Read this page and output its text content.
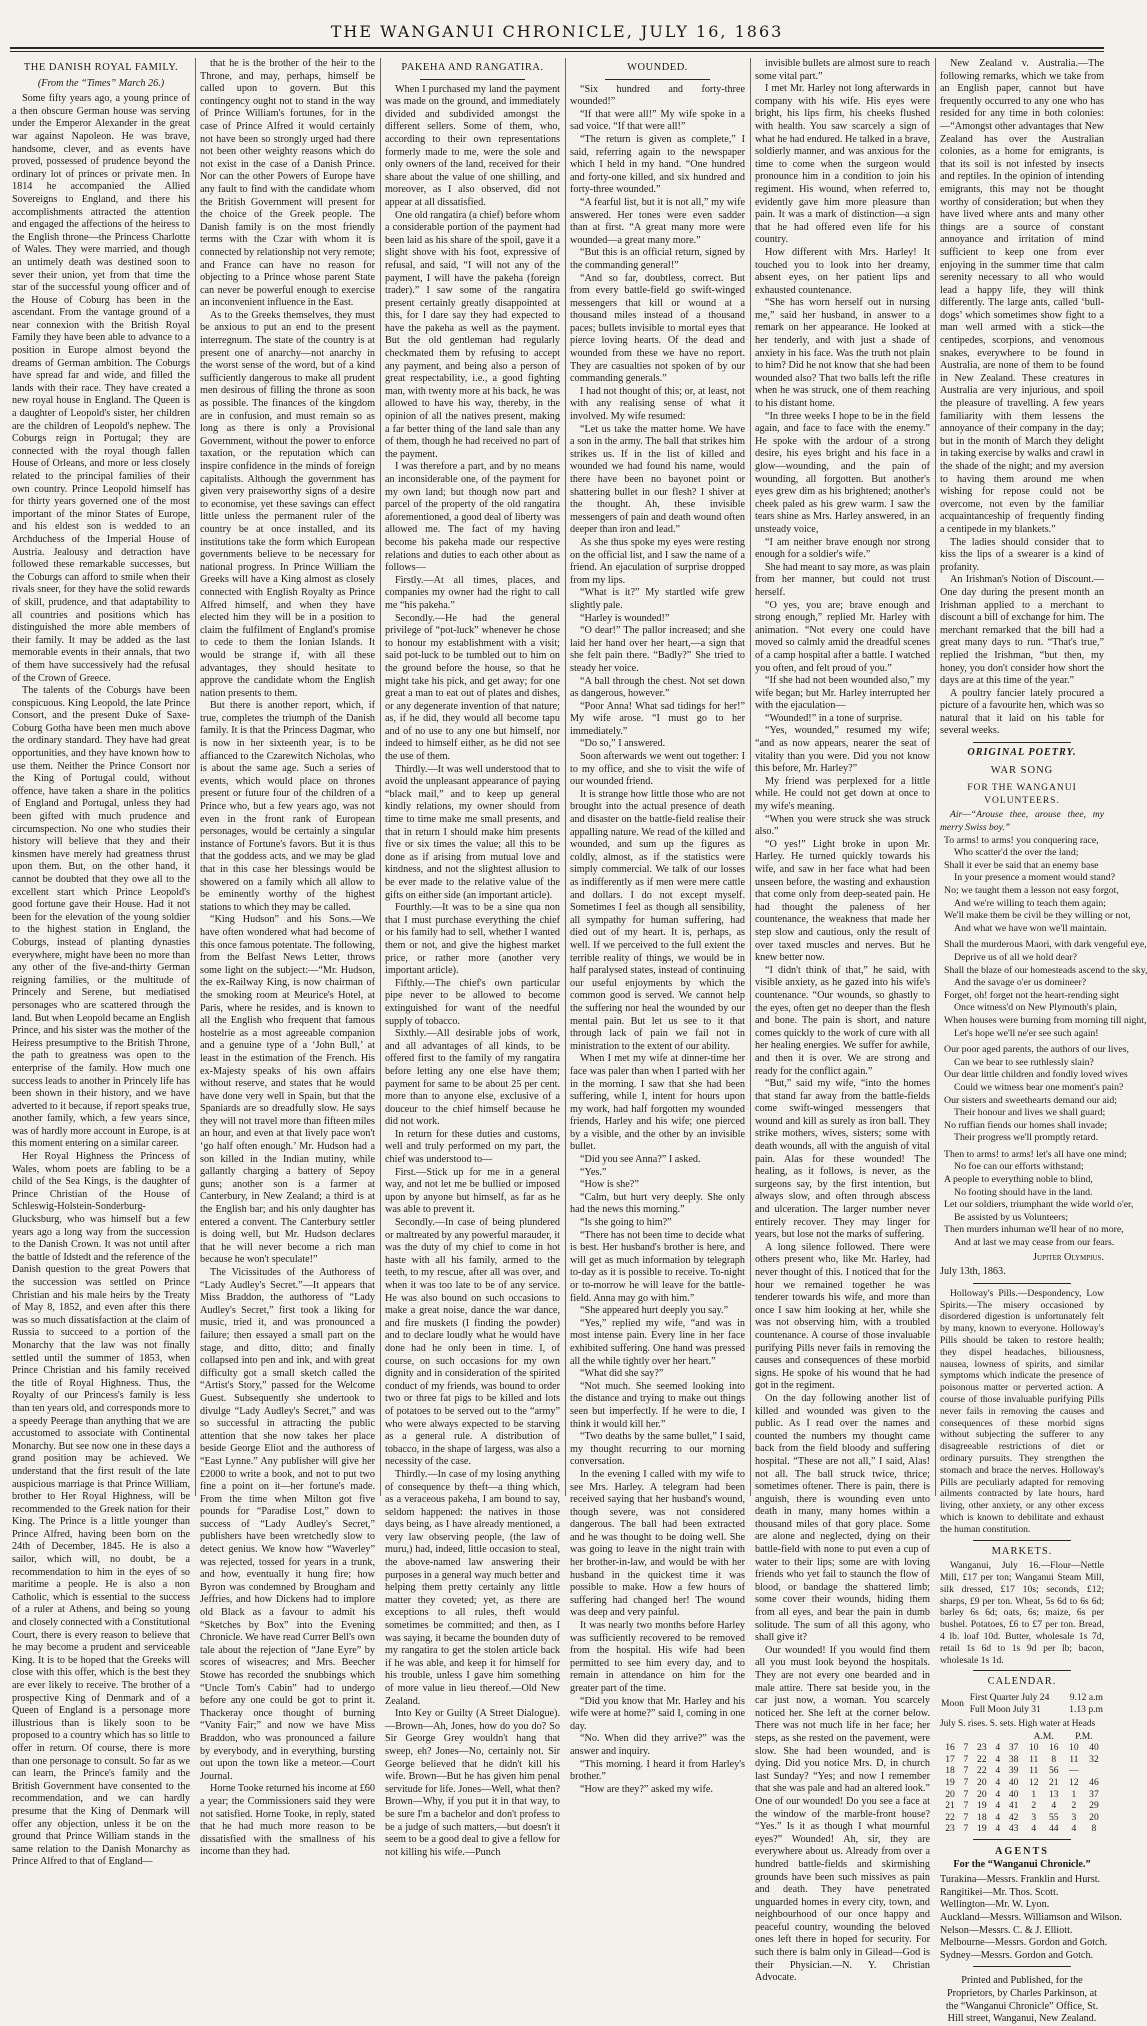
THE WANGANUI CHRONICLE, JULY 16, 1863
THE DANISH ROYAL FAMILY.
(From the “Times” March 26.)

Some fifty years ago, a young prince of a then obscure German house was serving under the Emperor Alexander in the great war against Napoleon. He was brave, handsome, clever, and as events have proved, possessed of prudence beyond the ordinary lot of princes or private men. In 1814 he accompanied the Allied Sovereigns to England, and there his accomplishments attracted the attention and engaged the affections of the heiress to the English throne—the Princess Charlotte of Wales. They were married, and though an untimely death was destined soon to sever their union, yet from that time the star of the successful young officer and of the House of Coburg has been in the ascendant. From the vantage ground of a near connexion with the British Royal Family they have been able to advance to a position in Europe almost beyond the dreams of German ambition. The Coburgs have spread far and wide, and filled the lands with their race. They have created a new royal house in England. The Queen is a daughter of Leopold's sister, her children are the children of Leopold's nephew. The Coburgs reign in Portugal; they are connected with the royal though fallen House of Orleans, and more or less closely related to the principal families of their own country. Prince Leopold himself has for thirty years governed one of the most important of the minor States of Europe, and his eldest son is wedded to an Archduchess of the Imperial House of Austria. Jealousy and detraction have followed these remarkable successes, but the Coburgs can afford to smile when their rivals sneer, for they have the solid rewards of skill, prudence, and that adaptability to all countries and positions which has distinguished the more able members of their family. It may be added as the last memorable events in their annals, that two of them have successively had the refusal of the Crown of Greece.

The talents of the Coburgs have been conspicuous. King Leopold, the late Prince Consort, and the present Duke of Saxe-Coburg Gotha have been men much above the ordinary standard. They have had great opportunities, and they have known how to use them. Neither the Prince Consort nor the King of Portugal could, without offence, have taken a share in the politics of England and Portugal, unless they had been gifted with much prudence and circumspection. No one who studies their history will believe that they and their kinsmen have merely had greatness thrust upon them. But, on the other hand, it cannot be doubted that they owe all to the excellent start which Prince Leopold's good fortune gave their House. Had it not been for the elevation of the young soldier to the highest station in England, the Coburgs, instead of planting dynasties everywhere, might have been no more than any other of the five-and-thirty German reigning families, or the multitude of Princely and Serene, but mediatised personages who are scattered through the land. But when Leopold became an English Prince, and his sister was the mother of the Heiress presumptive to the British Throne, the path to greatness was open to the enterprise of the family. How much one success leads to another in Princely life has been shown in their history, and we have adverted to it because, if report speaks true, another family, which, a few years since, was of hardly more account in Europe, is at this moment entering on a similar career.

Her Royal Highness the Princess of Wales, whom poets are fabling to be a child of the Sea Kings, is the daughter of Prince Christian of the House of Schleswig-Holstein-Sonderburg-Glucksburg, who was himself but a few years ago a long way from the succession to the Danish Crown. It was not until after the battle of Idstedt and the reference of the Danish question to the great Powers that the succession was settled on Prince Christian and his male heirs by the Treaty of May 8, 1852, and even after this there was so much dissatisfaction at the claim of Russia to succeed to a portion of the Monarchy that the law was not finally settled until the summer of 1853, when Prince Christian and his family received the title of Royal Highness. Thus, the Royalty of our Princess's family is less than ten years old, and corresponds more to a speedy Peerage than anything that we are accustomed to associate with Continental Monarchy. But see now one in these days a grand position may be achieved. We understand that the first result of the late auspicious marriage is that Prince William, brother to Her Royal Highness, will be recommended to the Greek nation for their King. The Prince is a little younger than Prince Alfred, having been born on the 24th of December, 1845. He is also a sailor, which will, no doubt, be a recommendation to him in the eyes of so maritime a people. He is also a non Catholic, which is essential to the success of a ruler at Athens, and being so young and closely connected with a Constitutional Court, there is every reason to believe that he may become a prudent and serviceable King. It is to be hoped that the Greeks will close with this offer, which is the best they are ever likely to receive. The brother of a prospective King of Denmark and of a Queen of England is a personage more illustrious than is likely soon to be proposed to a country which has so little to offer in return. Of course, there is more than one personage to consult. So far as we can learn, the Prince's family and the British Government have consented to the recommendation, and we can hardly presume that the King of Denmark will offer any objection, unless it be on the ground that Prince William stands in the same relation to the Danish Monarchy as Prince Alfred to that of England—

that he is the brother of the heir to the Throne, and may, perhaps, himself be called upon to govern. But this contingency ought not to stand in the way of Prince William's fortunes, for in the case of Prince Alfred it would certainly not have been so strongly urged had there not been other weighty reasons which do not exist in the case of a Danish Prince. Nor can the other Powers of Europe have any fault to find with the candidate whom the British Government will present for the choice of the Greek people. The Danish family is on the most friendly terms with the Czar with whom it is connected by relationship not very remote; and France can have no reason for objecting to a Prince whose parent State can never be powerful enough to exercise an inconvenient influence in the East.

As to the Greeks themselves, they must be anxious to put an end to the present interregnum. The state of the country is at present one of anarchy—not anarchy in the worst sense of the word, but of a kind sufficiently dangerous to make all prudent men desirous of filling the throne as soon as possible. The finances of the kingdom are in confusion, and must remain so as long as there is only a Provisional Government, without the power to enforce taxation, or the reputation which can inspire confidence in the minds of foreign capitalists. Although the government has given very praiseworthy signs of a desire to economise, yet these savings can effect little unless the permanent ruler of the country be at once installed, and its institutions take the form which European governments believe to be necessary for national progress. In Prince William the Greeks will have a King almost as closely connected with English Royalty as Prince Alfred himself, and when they have elected him they will be in a position to claim the fulfilment of England's promise to cede to them the Ionian Islands. It would be strange if, with all these advantages, they should hesitate to approve the candidate whom the English nation presents to them.

But there is another report, which, if true, completes the triumph of the Danish family. It is that the Princess Dagmar, who is now in her sixteenth year, is to be affianced to the Czarewitch Nicholas, who is about the same age. Such a series of events, which would place on thrones present or future four of the children of a Prince who, but a few years ago, was not even in the front rank of European personages, would be certainly a singular instance of Fortune's favors. But it is thus that the goddess acts, and we may be glad that in this case her blessings would be showered on a family which all allow to be eminently worthy of the highest stations to which they may be called.

“King Hudson” and his Sons.—We have often wondered what had become of this once famous potentate. The following, from the Belfast News Letter, throws some light on the subject:—“Mr. Hudson, the ex-Railway King, is now chairman of the smoking room at Meurice's Hotel, at Paris, where he resides, and is known to all the English who frequent that famous hostelrie as a most agreeable companion and a genuine type of a ‘John Bull,’ at least in the estimation of the French. His ex-Majesty speaks of his own affairs without reserve, and states that he would have done very well in Spain, but that the Spaniards are so dreadfully slow. He says they will not travel more than fifteen miles an hour, and even at that lively pace won't ‘go half often enough.’ Mr. Hudson had a son killed in the Indian mutiny, while gallantly charging a battery of Sepoy guns; another son is a farmer at Canterbury, in New Zealand; a third is at the English bar; and his only daughter has entered a convent. The Canterbury settler is doing well, but Mr. Hudson declares that he will never become a rich man because he won't speculate!”

The Vicissitudes of the Authoress of “Lady Audley's Secret.”—It appears that Miss Braddon, the authoress of “Lady Audley's Secret,” first took a liking for music, tried it, and was pronounced a failure; then essayed a small part on the stage, and ditto, ditto; and finally collapsed into pen and ink, and with great difficulty got a small sketch called the “Artist's Story,” passed for the Welcome Guest. Subsequently she undertook to divulge “Lady Audley's Secret,” and was so successful in attracting the public attention that she now takes her place beside George Eliot and the authoress of “East Lynne.” Any publisher will give her £2000 to write a book, and not to put two fine a point on it—her fortune's made. From the time when Milton got five pounds for “Paradise Lost,” down to success of “Lady Audley's Secret,” publishers have been wretchedly slow to detect genius. We know how “Waverley” was rejected, tossed for years in a trunk, and how, eventually it hung fire; how Byron was condemned by Brougham and Jeffries, and how Dickens had to implore old Black as a favour to admit his “Sketches by Box” into the Evening Chronicle. We have read Currer Bell's own tale about the rejection of “Jane Eyre” by scores of wiseacres; and Mrs. Beecher Stowe has recorded the snubbings which “Uncle Tom's Cabin” had to undergo before any one could be got to print it. Thackeray once thought of burning “Vanity Fair;” and now we have Miss Braddon, who was pronounced a failure by everybody, and in everything, bursting out upon the town like a meteor.—Court Journal.

Horne Tooke returned his income at £60 a year; the Commissioners said they were not satisfied. Horne Tooke, in reply, stated that he had much more reason to be dissatisfied with the smallness of his income than they had.

PAKEHA AND RANGATIRA.

When I purchased my land the payment was made on the ground, and immediately divided and subdivided amongst the different sellers. Some of them, who, according to their own representations formerly made to me, were the sole and only owners of the land, received for their share about the value of one shilling, and moreover, as I also observed, did not appear at all dissatisfied.

One old rangatira (a chief) before whom a considerable portion of the payment had been laid as his share of the spoil, gave it a slight shove with his foot, expressive of refusal, and said, “I will not any of the payment, I will have the pakeha (foreign trader).” I saw some of the rangatira present certainly greatly disappointed at this, for I dare say they had expected to have the pakeha as well as the payment. But the old gentleman had regularly checkmated them by refusing to accept any payment, and being also a person of great respectability, i.e., a good fighting man, with twenty more at his back, he was allowed to have his way, thereby, in the opinion of all the natives present, making a far better thing of the land sale than any of them, though he had received no part of the payment.

I was therefore a part, and by no means an inconsiderable one, of the payment for my own land; but though now part and parcel of the property of the old rangatira aforementioned, a good deal of liberty was allowed me. The fact of my having become his pakeha made our respective relations and duties to each other about as follows—

Firstly.—At all times, places, and companies my owner had the right to call me “his pakeha.”

Secondly.—He had the general privilege of “pot-luck” whenever he chose to honour my establishment with a visit; said pot-luck to be tumbled out to him on the ground before the house, so that he might take his pick, and get away; for one great a man to eat out of plates and dishes, or any degenerate invention of that nature; as, if he did, they would all become tapu and of no use to any one but himself, nor indeed to himself either, as he did not see the use of them.

Thirdly.—It was well understood that to avoid the unpleasant appearance of paying “black mail,” and to keep up general kindly relations, my owner should from time to time make me small presents, and that in return I should make him presents five or six times the value; all this to be done as if arising from mutual love and kindness, and not the slightest allusion to be ever made to the relative value of the gifts on either side (an important article).

Fourthly.—It was to be a sine qua non that I must purchase everything the chief or his family had to sell, whether I wanted them or not, and give the highest market price, or rather more (another very important article).

Fifthly.—The chief's own particular pipe never to be allowed to become extinguished for want of the needful supply of tobacco.

Sixthly.—All desirable jobs of work, and all advantages of all kinds, to be offered first to the family of my rangatira before letting any one else have them; payment for same to be about 25 per cent. more than to anyone else, exclusive of a douceur to the chief himself because he did not work.

In return for these duties and customs, well and truly performed on my part, the chief was understood to—

First.—Stick up for me in a general way, and not let me be bullied or imposed upon by anyone but himself, as far as he was able to prevent it.

Secondly.—In case of being plundered or maltreated by any powerful marauder, it was the duty of my chief to come in hot haste with all his family, armed to the teeth, to my rescue, after all was over, and when it was too late to be of any service. He was also bound on such occasions to make a great noise, dance the war dance, and fire muskets (I finding the powder) and to declare loudly what he would have done had he only been in time. I, of course, on such occasions for my own dignity and in consideration of the spirited conduct of my friends, was bound to order two or three fat pigs to be killed and lots of potatoes to be served out to the “army” who were always expected to be starving as a general rule. A distribution of tobacco, in the shape of largess, was also a necessity of the case.

Thirdly.—In case of my losing anything of consequence by theft—a thing which, as a veraceous pakeha, I am bound to say, seldom happened: the natives in those days being, as I have already mentioned, a very law observing people, (the law of muru,) had, indeed, little occasion to steal, the above-named law answering their purposes in a general way much better and helping them pretty certainly any little matter they coveted; yet, as there are exceptions to all rules, theft would sometimes be committed; and then, as I was saying, it became the bounden duty of my rangatira to get the stolen article back if he was able, and keep it for himself for his trouble, unless I gave him something of more value in lieu thereof.—Old New Zealand.

Into Key or Guilty (A Street Dialogue).—Brown—Ah, Jones, how do you do? So Sir George Grey wouldn't hang that sweep, eh? Jones—No, certainly not. Sir George believed that he didn't kill his wife. Brown—But he has given him penal servitude for life. Jones—Well, what then? Brown—Why, if you put it in that way, to be sure I'm a bachelor and don't profess to be a judge of such matters,—but doesn't it seem to be a good deal to give a fellow for not killing his wife.—Punch

WOUNDED.

“Six hundred and forty-three wounded!”

“If that were all!” My wife spoke in a sad voice. “If that were all!”

“The return is given as complete,” I said, referring again to the newspaper which I held in my hand. “One hundred and forty-one killed, and six hundred and forty-three wounded.”

“A fearful list, but it is not all,” my wife answered. Her tones were even sadder than at first. “A great many more were wounded—a great many more.”

“But this is an official return, signed by the commanding general!”

“And so far, doubtless, correct. But from every battle-field go swift-winged messengers that kill or wound at a thousand miles instead of a thousand paces; bullets invisible to mortal eyes that pierce loving hearts. Of the dead and wounded from these we have no report. They are casualties not spoken of by our commanding generals.”

I had not thought of this; or, at least, not with any realising sense of what it involved. My wife resumed:

“Let us take the matter home. We have a son in the army. The ball that strikes him strikes us. If in the list of killed and wounded we had found his name, would there have been no bayonet point or shattering bullet in our flesh? I shiver at the thought. Ah, these invisible messengers of pain and death wound often deeper than iron and lead.”

As she thus spoke my eyes were resting on the official list, and I saw the name of a friend. An ejaculation of surprise dropped from my lips.

“What is it?” My startled wife grew slightly pale.

“Harley is wounded!”

“O dear!” The pallor increased; and she laid her hand over her heart,—a sign that she felt pain there. “Badly?” She tried to steady her voice.

“A ball through the chest. Not set down as dangerous, however.”

“Poor Anna! What sad tidings for her!” My wife arose. “I must go to her immediately.”

“Do so,” I answered.

Soon afterwards we went out together: I to my office, and she to visit the wife of our wounded friend.

It is strange how little those who are not brought into the actual presence of death and disaster on the battle-field realise their appalling nature. We read of the killed and wounded, and sum up the figures as coldly, almost, as if the statistics were simply commercial. We talk of our losses as indifferently as if men were mere cattle and dollars. I do not except myself. Sometimes I feel as though all sensibility, all sympathy for human suffering, had died out of my heart. It is, perhaps, as well. If we perceived to the full extent the terrible reality of things, we would be in half paralysed states, instead of continuing our useful enjoyments by which the common good is served. We cannot help the suffering nor heal the wounded by our mental pain. But let us see to it that through lack of pain we fail not in ministration to the extent of our ability.

When I met my wife at dinner-time her face was paler than when I parted with her in the morning. I saw that she had been suffering, while I, intent for hours upon my work, had half forgotten my wounded friends, Harley and his wife; one pierced by a visible, and the other by an invisible bullet.

“Did you see Anna?” I asked.

“Yes.”

“How is she?”

“Calm, but hurt very deeply. She only had the news this morning.”

“Is she going to him?”

“There has not been time to decide what is best. Her husband's brother is here, and will get as much information by telegraph to-day as it is possible to receive. To-night or to-morrow he will leave for the battle-field. Anna may go with him.”

“She appeared hurt deeply you say.”

“Yes,” replied my wife, “and was in most intense pain. Every line in her face exhibited suffering. One hand was pressed all the while tightly over her heart.”

“What did she say?”

“Not much. She seemed looking into the distance and trying to make out things seen but imperfectly. If he were to die, I think it would kill her.”

“Two deaths by the same bullet,” I said, my thought recurring to our morning conversation.

In the evening I called with my wife to see Mrs. Harley. A telegram had been received saying that her husband's wound, though severe, was not considered dangerous. The ball had been extracted and he was thought to be doing well. She was going to leave in the night train with her brother-in-law, and would be with her husband in the quickest time it was possible to make. How a few hours of suffering had changed her! The wound was deep and very painful.

It was nearly two months before Harley was sufficiently recovered to be removed from the hospital. His wife had been permitted to see him every day, and to remain in attendance on him for the greater part of the time.

“Did you know that Mr. Harley and his wife were at home?” said I, coming in one day.

“No. When did they arrive?” was the answer and inquiry.

“This morning. I heard it from Harley's brother.”

“How are they?” asked my wife.

invisible bullets are almost sure to reach some vital part.”

I met Mr. Harley not long afterwards in company with his wife. His eyes were bright, his lips firm, his cheeks flushed with health. You saw scarcely a sign of what he had endured. He talked in a brave, soldierly manner, and was anxious for the time to come when the surgeon would pronounce him in a condition to join his regiment. His wound, when referred to, evidently gave him more pleasure than pain. It was a mark of distinction—a sign that he had offered even life for his country.

How different with Mrs. Harley! It touched you to look into her dreamy, absent eyes, on her patient lips and exhausted countenance.

“She has worn herself out in nursing me,” said her husband, in answer to a remark on her appearance. He looked at her tenderly, and with just a shade of anxiety in his face. Was the truth not plain to him? Did he not know that she had been wounded also? That two balls left the rifle when he was struck, one of them reaching to his distant home.

“In three weeks I hope to be in the field again, and face to face with the enemy.” He spoke with the ardour of a strong desire, his eyes bright and his face in a glow—wounding, and the pain of wounding, all forgotten. But another's eyes grew dim as his brightened; another's cheek paled as his grew warm. I saw the tears shine as Mrs. Harley answered, in an unsteady voice,

“I am neither brave enough nor strong enough for a soldier's wife.”

She had meant to say more, as was plain from her manner, but could not trust herself.

“O yes, you are; brave enough and strong enough,” replied Mr. Harley with animation. “Not every one could have moved so calmly amid the dreadful scenes of a camp hospital after a battle. I watched you often, and felt proud of you.”

“If she had not been wounded also,” my wife began; but Mr. Harley interrupted her with the ejaculation—

“Wounded!” in a tone of surprise.

“Yes, wounded,” resumed my wife; “and as now appears, nearer the seat of vitality than you were. Did you not know this before, Mr. Harley?”

My friend was perplexed for a little while. He could not get down at once to my wife's meaning.

“When you were struck she was struck also.”

“O yes!” Light broke in upon Mr. Harley. He turned quickly towards his wife, and saw in her face what had been unseen before, the wasting and exhaustion that come only from deep-seated pain. He had thought the paleness of her countenance, the weakness that made her step slow and cautious, only the result of over taxed muscles and nerves. But he knew better now.

“I didn't think of that,” he said, with visible anxiety, as he gazed into his wife's countenance. “Our wounds, so ghastly to the eyes, often get no deeper than the flesh and bone. The pain is short, and nature comes quickly to the work of cure with all her healing energies. We suffer for awhile, and then it is over. We are strong and ready for the conflict again.”

“But,” said my wife, “into the homes that stand far away from the battle-fields come swift-winged messengers that wound and kill as surely as iron ball. They strike mothers, wives, sisters; some with death wounds, all with the anguish of vital pain. Alas for these wounded! The healing, as it follows, is never, as the surgeons say, by the first intention, but always slow, and often through abscess and ulceration. The larger number never entirely recover. They may linger for years, but lose not the marks of suffering.

A long silence followed. There were others present who, like Mr. Harley, had never thought of this. I noticed that for the hour we remained together he was tenderer towards his wife, and more than once I saw him looking at her, while she was not observing him, with a troubled countenance. A course of those invaluable purifying Pills never fails in removing the causes and consequences of these morbid signs. He spoke of his wound that he had got in the regiment.

On the day following another list of killed and wounded was given to the public. As I read over the names and counted the numbers my thought came back from the field bloody and suffering hospital. “These are not all,” I said, Alas! not all. The ball struck twice, thrice; sometimes oftener. There is pain, there is anguish, there is wounding even unto death in many, many homes within a thousand miles of that gory place. Some are alone and neglected, dying on their battle-field with none to put even a cup of water to their lips; some are with loving friends who yet fail to staunch the flow of blood, or bandage the shattered limb; some cover their wounds, hiding them from all eyes, and bear the pain in dumb solitude. The sum of all this agony, who shall give it?

Our wounded! If you would find them all you must look beyond the hospitals. They are not every one bearded and in male attire. There sat beside you, in the car just now, a woman. You scarcely noticed her. She left at the corner below. There was not much life in her face; her steps, as she rested on the pavement, were slow. She had been wounded, and is dying. Did you notice Mrs. D, in church last Sunday? “Yes; and now I remember that she was pale and had an altered look.” One of our wounded! Do you see a face at the window of the marble-front house? “Yes.” Is it as though I what mournful eyes?” Wounded! Ah, sir, they are everywhere about us. Already from over a hundred battle-fields and skirmishing grounds have been such missives as pain and death. They have penetrated unguarded homes in every city, town, and neighbourhood of our once happy and peaceful country, wounding the beloved ones left there in hoped for security. For such there is balm only in Gilead—God is their Physician.—N. Y. Christian Advocate.

New Zealand v. Australia.—The following remarks, which we take from an English paper, cannot but have frequently occurred to any one who has resided for any time in both colonies:—“Amongst other advantages that New Zealand has over the Australian colonies, as a home for emigrants, is that its soil is not infested by insects and reptiles. In the opinion of intending emigrants, this may not be thought worthy of consideration; but when they have lived where ants and many other things are a source of constant annoyance and irritation of mind sufficient to keep one from ever enjoying in the summer time that calm serenity necessary to all who would lead a happy life, they will think differently. The large ants, called ‘bull-dogs’ which sometimes show fight to a man well armed with a stick—the centipedes, scorpions, and venomous snakes, everywhere to be found in Australia, are none of them to be found in New Zealand. These creatures in Australia are very injurious, and spoil the pleasure of travelling. A few years familiarity with them lessens the annoyance of their company in the day; but in the month of March they delight in taking exercise by walks and crawl in the shade of the night; and my aversion to having them around me when wishing for repose could not be overcome, not even by the familiar acquaintanceship of frequently finding a centipede in my blankets.”

The ladies should consider that to kiss the lips of a swearer is a kind of profanity.

An Irishman's Notion of Discount.—One day during the present month an Irishman applied to a merchant to discount a bill of exchange for him. The merchant remarked that the bill had a great many days to run. “That's true,” replied the Irishman, “but then, my honey, you don't consider how short the days are at this time of the year.”

A poultry fancier lately procured a picture of a favourite hen, which was so natural that it laid on his table for several weeks.

ORIGINAL POETRY.
WAR SONG
FOR THE WANGANUI VOLUNTEERS.

Air—“Arouse thee, arouse thee, my merry Swiss boy.”

To arms! to arms! you conquering race,

Who scatter'd the over the land;

Shall it ever be said that an enemy base

In your presence a moment would stand?

No; we taught them a lesson not easy forgot,

And we're willing to teach them again;

We'll make them be civil be they willing or not,

And what we have won we'll maintain.

Shall the murderous Maori, with dark vengeful eye,

Deprive us of all we hold dear?

Shall the blaze of our homesteads ascend to the sky,

And the savage o'er us domineer?

Forget, oh! forget not the heart-rending sight

Once witness'd on New Plymouth's plain,

When houses were burning from morning till night,

Let's hope we'll ne'er see such again!

Our poor aged parents, the authors of our lives,

Can we bear to see ruthlessly slain?

Our dear little children and fondly loved wives

Could we witness bear one moment's pain?

Our sisters and sweethearts demand our aid;

Their honour and lives we shall guard;

No ruffian fiends our homes shall invade;

Their progress we'll promptly retard.

Then to arms! to arms! let's all have one mind;

No foe can our efforts withstand;

A people to everything noble to blind,

No footing should have in the land.

Let our soldiers, triumphant the wide world o'er,

Be assisted by us Volunteers;

Then murders inhuman we'll hear of no more,

And at last we may cease from our fears.

Jupiter Olympius.
July 13th, 1863.

Holloway's Pills.—Despondency, Low Spirits.—The misery occasioned by disordered digestion is unfortunately felt by many, known to everyone. Holloway's Pills should be taken to restore health; they dispel headaches, biliousness, nausea, lowness of spirits, and similar symptoms which indicate the presence of poisonous matter or perverted action. A course of those invaluable purifying Pills never fails in removing the causes and consequences of these morbid signs without subjecting the sufferer to any disagreeable restrictions of diet or ordinary pursuits. They strengthen the stomach and brace the nerves. Holloway's Pills are peculiarly adapted for removing ailments contracted by late hours, hard living, other anxiety, or any other excess which is known to debilitate and exhaust the human constitution.

MARKETS.

Wanganui, July 16.—Flour—Nettle Mill, £17 per ton; Wanganui Steam Mill, silk dressed, £17 10s; seconds, £12; sharps, £9 per ton. Wheat, 5s 6d to 6s 6d; barley 6s 6d; oats, 6s; maize, 6s per bushel. Potatoes, £6 to £7 per ton. Bread, 4 lb. loaf 10d. Butter, wholesale 1s 7d, retail 1s 6d to 1s 9d per lb; bacon, wholesale 1s 1d.

CALENDAR.
Moon	First Quarter July 24	9.12 a.m
	Full Moon July 31	1.13 p.m
July S. rises. S. sets. High water at Heads
					A.M.		P.M.	
16	7	23	4	37	10	16	10	40
17	7	22	4	38	11	8	11	32
18	7	22	4	39	11	56	—	
19	7	20	4	40	12	21	12	46
20	7	20	4	40	1	13	1	37
21	7	19	4	41	2	4	2	29
22	7	18	4	42	3	55	3	20
23	7	19	4	43	4	44	4	8
AGENTS
For the “Wanganui Chronicle.”

Turakina—Messrs. Franklin and Hurst.

Rangitikei—Mr. Thos. Scott.

Wellington—Mr. W. Lyon.

Auckland—Messrs. Williamson and Wilson.

Nelson—Messrs. C. & J. Elliott.

Melbourne—Messrs. Gordon and Gotch.

Sydney—Messrs. Gordon and Gotch.

Printed and Published, for the Proprietors, by Charles Parkinson, at the “Wanganui Chronicle” Office, St. Hill street, Wanganui, New Zealand.
